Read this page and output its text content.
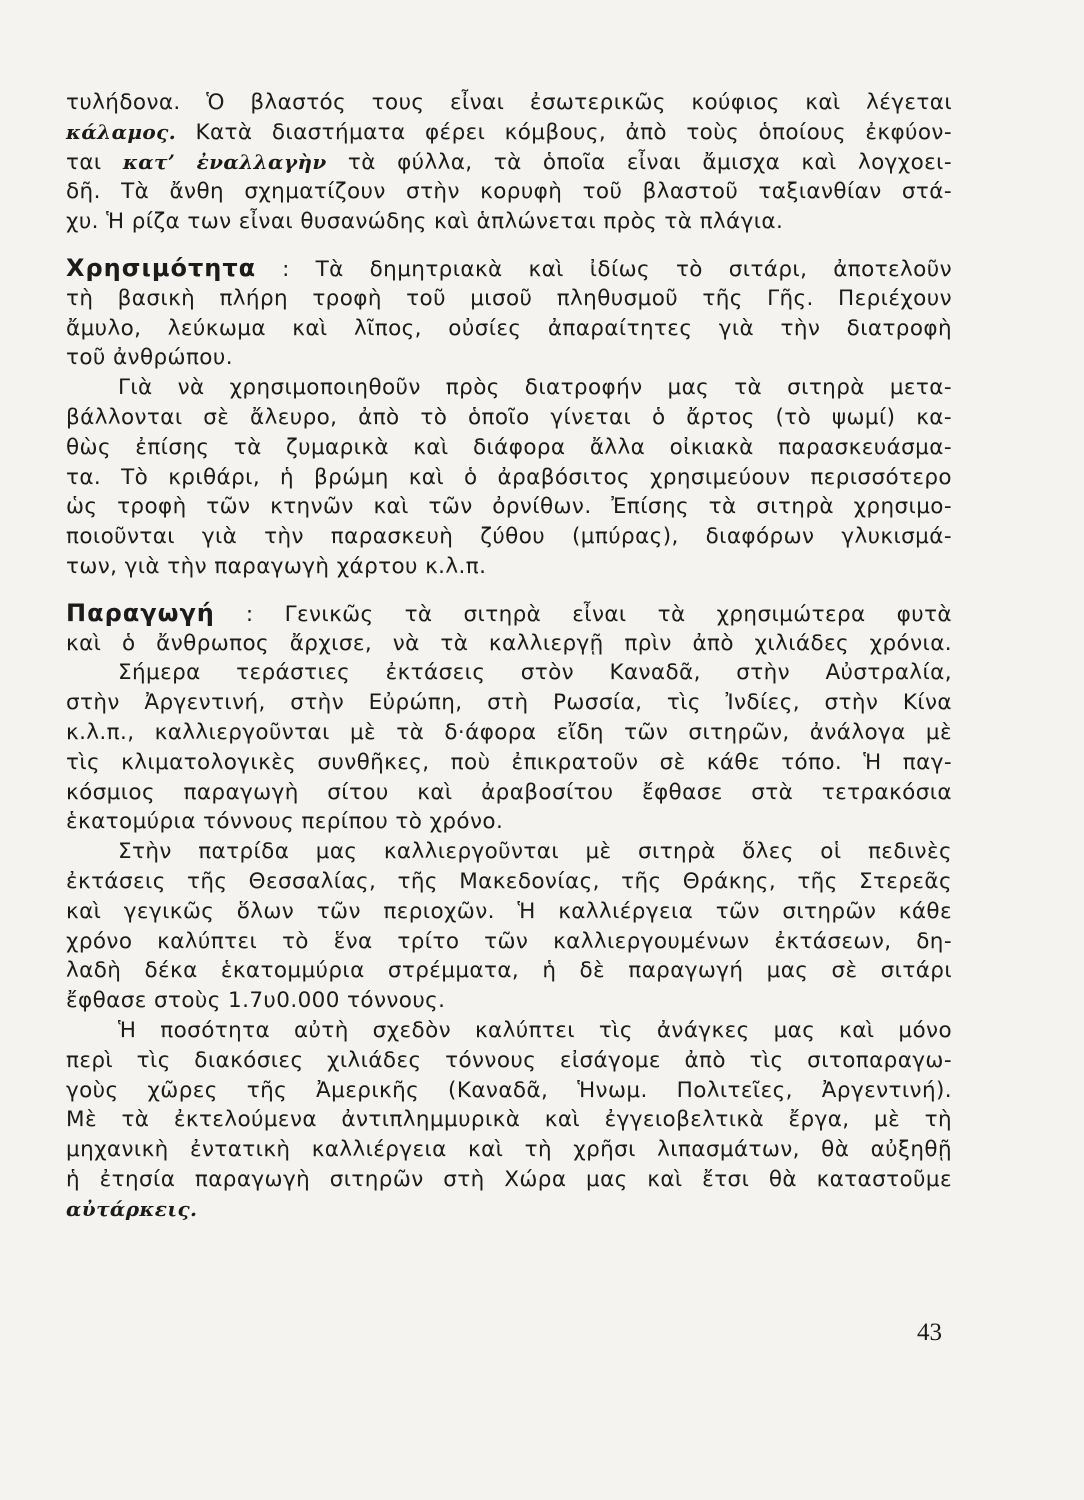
τυλήδονα. Ὁ βλαστός τους εἶναι ἐσωτερικῶς κούφιος καὶ λέγεται
κάλαμος. Κατὰ διαστήματα φέρει κόμβους, ἀπὸ τοὺς ὁποίους ἐκφύον-
ται κατ’ ἐναλλαγὴν τὰ φύλλα, τὰ ὁποῖα εἶναι ἄμισχα καὶ λογχοει-
δῆ. Τὰ ἄνθη σχηματίζουν στὴν κορυφὴ τοῦ βλαστοῦ ταξιανθίαν στά-
χυ. Ἡ ρίζα των εἶναι θυσανώδης καὶ ἁπλώνεται πρὸς τὰ πλάγια.
Χρησιμότητα : Τὰ δημητριακὰ καὶ ἰδίως τὸ σιτάρι, ἀποτελοῦν
τὴ βασικὴ πλήρη τροφὴ τοῦ μισοῦ πληθυσμοῦ τῆς Γῆς. Περιέχουν
ἄμυλο, λεύκωμα καὶ λῖπος, οὐσίες ἀπαραίτητες γιὰ τὴν διατροφὴ
τοῦ ἀνθρώπου.
Γιὰ νὰ χρησιμοποιηθοῦν πρὸς διατροφήν μας τὰ σιτηρὰ μετα-
βάλλονται σὲ ἄλευρο, ἀπὸ τὸ ὁποῖο γίνεται ὁ ἄρτος (τὸ ψωμί) κα-
θὼς ἐπίσης τὰ ζυμαρικὰ καὶ διάφορα ἄλλα οἰκιακὰ παρασκευάσμα-
τα. Τὸ κριθάρι, ἡ βρώμη καὶ ὁ ἀραβόσιτος χρησιμεύουν περισσότερο
ὡς τροφὴ τῶν κτηνῶν καὶ τῶν ὀρνίθων. Ἐπίσης τὰ σιτηρὰ χρησιμο-
ποιοῦνται γιὰ τὴν παρασκευὴ ζύθου (μπύρας), διαφόρων γλυκισμά-
των, γιὰ τὴν παραγωγὴ χάρτου κ.λ.π.
Παραγωγή : Γενικῶς τὰ σιτηρὰ εἶναι τὰ χρησιμώτερα φυτὰ
καὶ ὁ ἄνθρωπος ἄρχισε, νὰ τὰ καλλιεργῇ πρὶν ἀπὸ χιλιάδες χρόνια.
Σήμερα τεράστιες ἐκτάσεις στὸν Καναδᾶ, στὴν Αὐστραλία,
στὴν Ἀργεντινή, στὴν Εὐρώπη, στὴ Ρωσσία, τὶς Ἰνδίες, στὴν Κίνα
κ.λ.π., καλλιεργοῦνται μὲ τὰ δ·άφορα εἴδη τῶν σιτηρῶν, ἀνάλογα μὲ
τὶς κλιματολογικὲς συνθῆκες, ποὺ ἐπικρατοῦν σὲ κάθε τόπο. Ἡ παγ-
κόσμιος παραγωγὴ σίτου καὶ ἀραβοσίτου ἔφθασε στὰ τετρακόσια
ἑκατομύρια τόννους περίπου τὸ χρόνο.
Στὴν πατρίδα μας καλλιεργοῦνται μὲ σιτηρὰ ὅλες οἱ πεδινὲς
ἐκτάσεις τῆς Θεσσαλίας, τῆς Μακεδονίας, τῆς Θράκης, τῆς Στερεᾶς
καὶ γεγικῶς ὅλων τῶν περιοχῶν. Ἡ καλλιέργεια τῶν σιτηρῶν κάθε
χρόνο καλύπτει τὸ ἕνα τρίτο τῶν καλλιεργουμένων ἐκτάσεων, δη-
λαδὴ δέκα ἑκατομμύρια στρέμματα, ἡ δὲ παραγωγή μας σὲ σιτάρι
ἔφθασε στοὺς 1.7υ0.000 τόννους.
Ἡ ποσότητα αὐτὴ σχεδὸν καλύπτει τὶς ἀνάγκες μας καὶ μόνο
περὶ τὶς διακόσιες χιλιάδες τόννους εἰσάγομε ἀπὸ τὶς σιτοπαραγω-
γοὺς χῶρες τῆς Ἀμερικῆς (Καναδᾶ, Ἡνωμ. Πολιτεῖες, Ἀργεντινή).
Μὲ τὰ ἐκτελούμενα ἀντιπλημμυρικὰ καὶ ἐγγειοβελτικὰ ἔργα, μὲ τὴ
μηχανικὴ ἐντατικὴ καλλιέργεια καὶ τὴ χρῆσι λιπασμάτων, θὰ αὐξηθῇ
ἡ ἐτησία παραγωγὴ σιτηρῶν στὴ Χώρα μας καὶ ἔτσι θὰ καταστοῦμε
αὐτάρκεις.
43
